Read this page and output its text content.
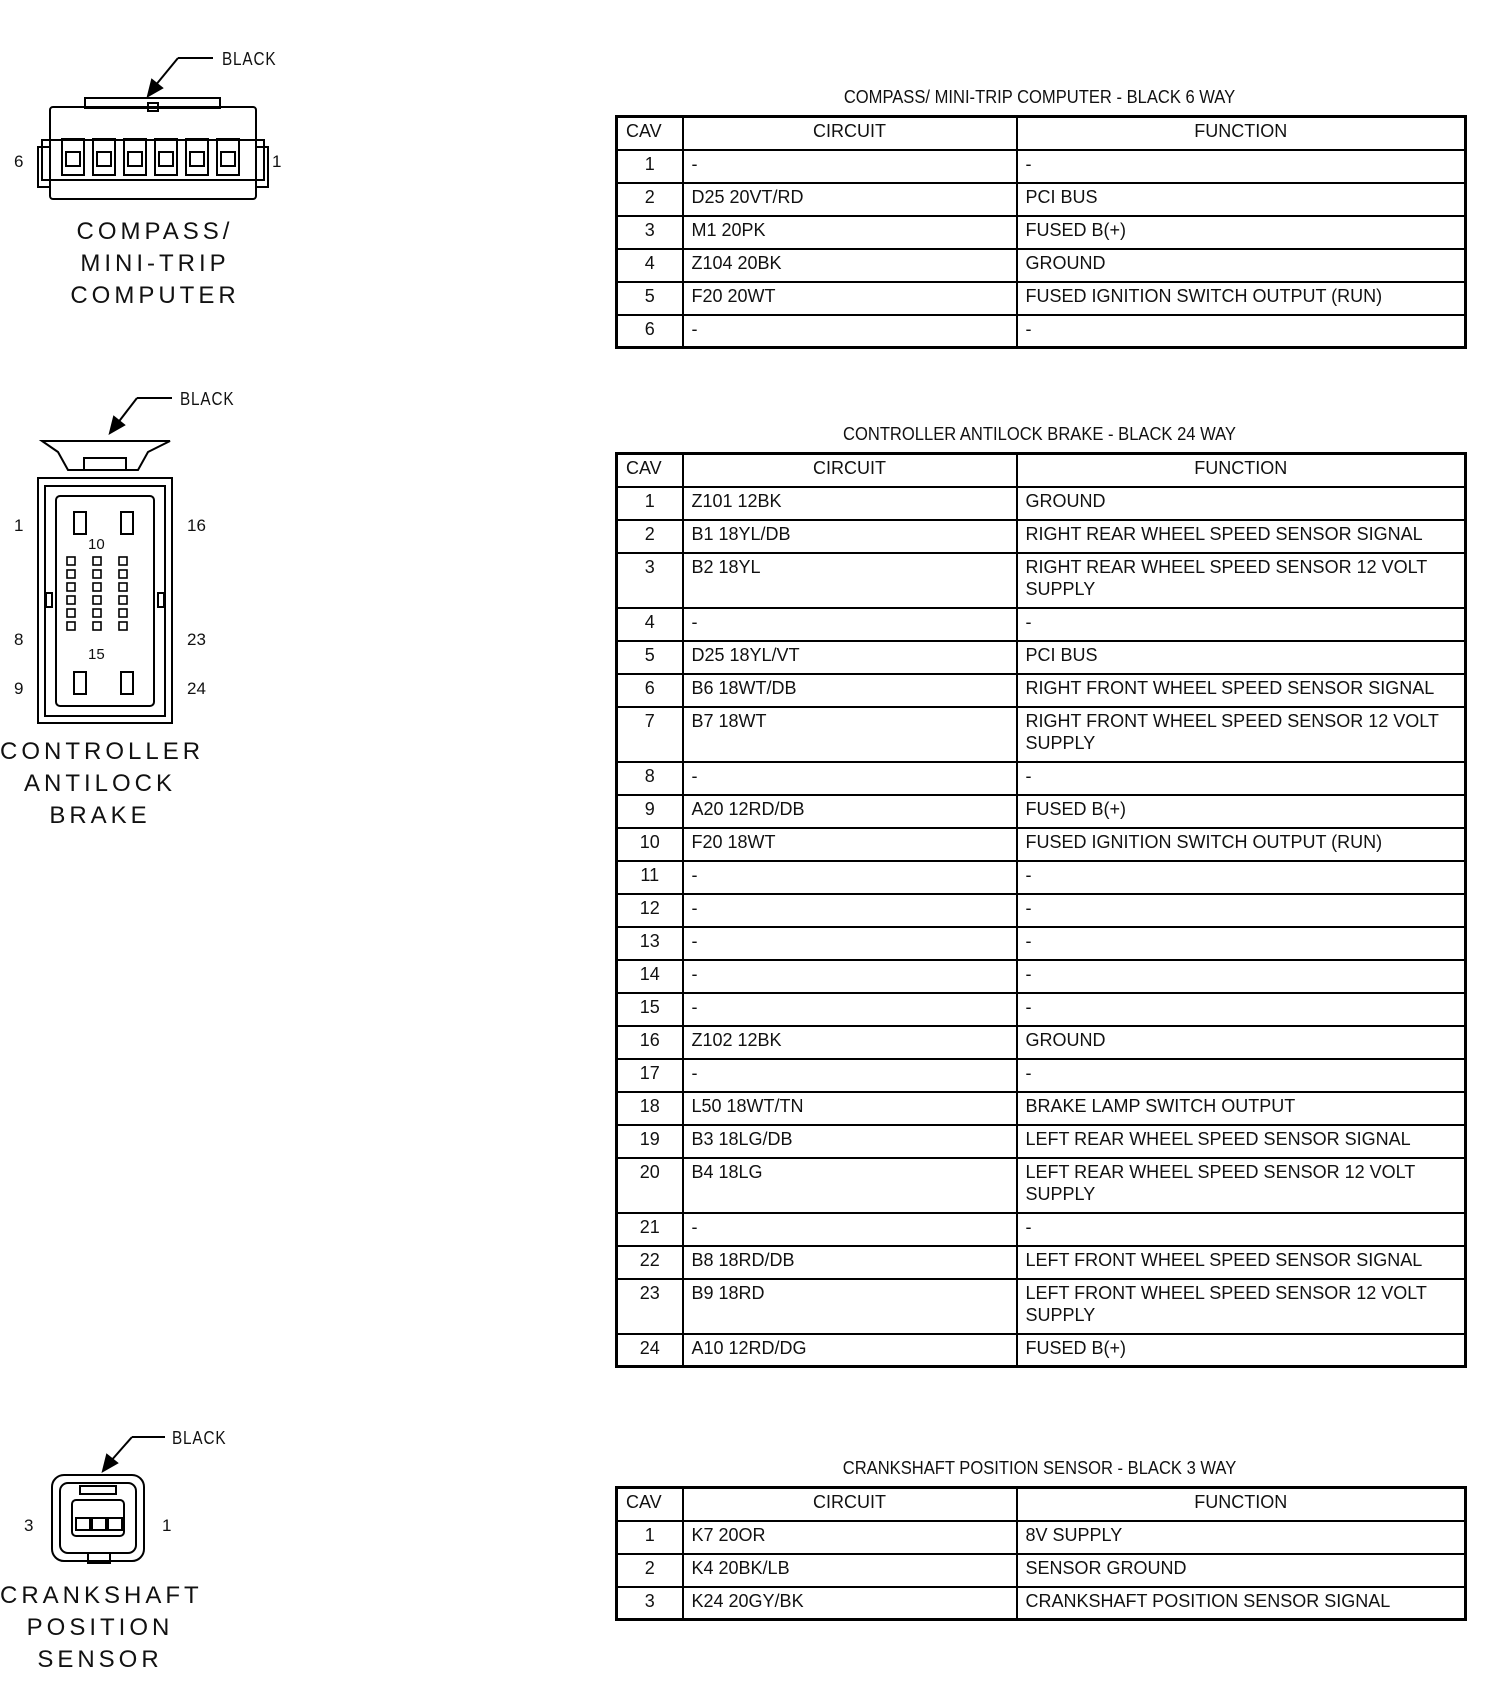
BLACK
6	1
COMPASS/
MINI-TRIP
COMPUTER
BLACK
1	16
10
8	23
15
9	24
CONTROLLER
ANTILOCK
BRAKE
BLACK
3	1
CRANKSHAFT
POSITION
SENSOR
COMPASS/ MINI-TRIP COMPUTER - BLACK 6 WAY
CAV	CIRCUIT	FUNCTION
1	-	-
2	D25 20VT/RD	PCI BUS
3	M1 20PK	FUSED B(+)
4	Z104 20BK	GROUND
5	F20 20WT	FUSED IGNITION SWITCH OUTPUT (RUN)
6	-	-
CONTROLLER ANTILOCK BRAKE - BLACK 24 WAY
CAV	CIRCUIT	FUNCTION
1	Z101 12BK	GROUND
2	B1 18YL/DB	RIGHT REAR WHEEL SPEED SENSOR SIGNAL
3	B2 18YL	RIGHT REAR WHEEL SPEED SENSOR 12 VOLT SUPPLY
4	-	-
5	D25 18YL/VT	PCI BUS
6	B6 18WT/DB	RIGHT FRONT WHEEL SPEED SENSOR SIGNAL
7	B7 18WT	RIGHT FRONT WHEEL SPEED SENSOR 12 VOLT SUPPLY
8	-	-
9	A20 12RD/DB	FUSED B(+)
10	F20 18WT	FUSED IGNITION SWITCH OUTPUT (RUN)
11	-	-
12	-	-
13	-	-
14	-	-
15	-	-
16	Z102 12BK	GROUND
17	-	-
18	L50 18WT/TN	BRAKE LAMP SWITCH OUTPUT
19	B3 18LG/DB	LEFT REAR WHEEL SPEED SENSOR SIGNAL
20	B4 18LG	LEFT REAR WHEEL SPEED SENSOR 12 VOLT SUPPLY
21	-	-
22	B8 18RD/DB	LEFT FRONT WHEEL SPEED SENSOR SIGNAL
23	B9 18RD	LEFT FRONT WHEEL SPEED SENSOR 12 VOLT SUPPLY
24	A10 12RD/DG	FUSED B(+)
CRANKSHAFT POSITION SENSOR - BLACK 3 WAY
CAV	CIRCUIT	FUNCTION
1	K7 20OR	8V SUPPLY
2	K4 20BK/LB	SENSOR GROUND
3	K24 20GY/BK	CRANKSHAFT POSITION SENSOR SIGNAL
